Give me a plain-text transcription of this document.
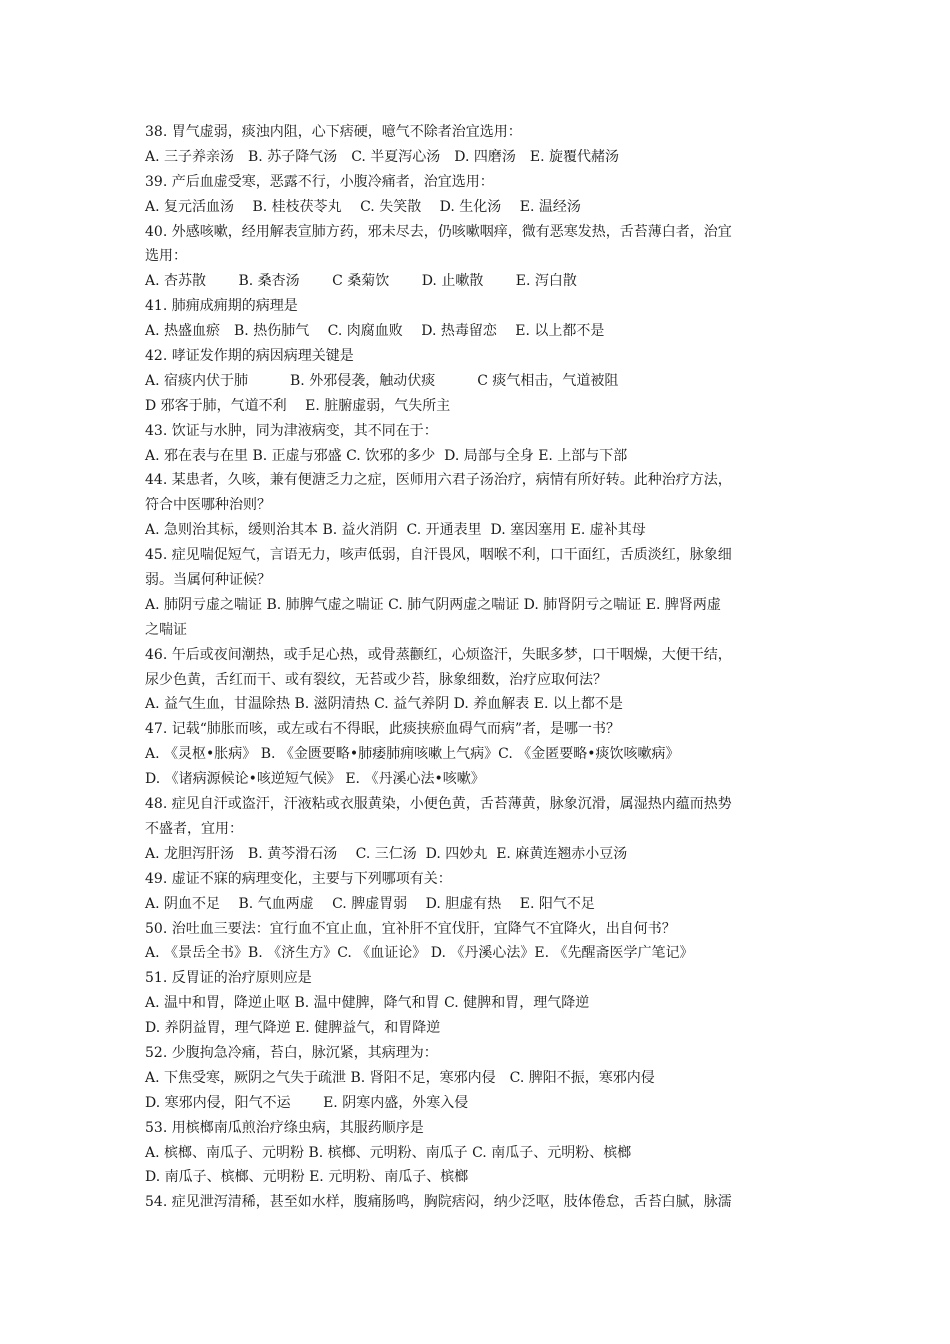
38. 胃气虚弱，痰浊内阻，心下痞硬，噫气不除者治宜选用：
A. 三子养亲汤　B. 苏子降气汤　C. 半夏泻心汤　D. 四磨汤　E. 旋覆代赭汤
39. 产后血虚受寒，恶露不行，小腹冷痛者，治宜选用：
A. 复元活血汤　 B. 桂枝茯苓丸　 C. 失笑散　 D. 生化汤　 E. 温经汤
40. 外感咳嗽，经用解表宣肺方药，邪未尽去，仍咳嗽咽痒，微有恶寒发热，舌苔薄白者，治宜
选用：
A. 杏苏散　　 B. 桑杏汤　　 C 桑菊饮　　 D. 止嗽散　　 E. 泻白散
41. 肺痈成痈期的病理是
A. 热盛血瘀　B. 热伤肺气　 C. 肉腐血败　 D. 热毒留恋　 E. 以上都不是
42. 哮证发作期的病因病理关键是
A. 宿痰内伏于肺　　　B. 外邪侵袭，触动伏痰　　　C 痰气相击，气道被阻
D 邪客于肺，气道不利　 E. 脏腑虚弱，气失所主
43. 饮证与水肿，同为津液病变，其不同在于：
A. 邪在表与在里 B. 正虚与邪盛 C. 饮邪的多少  D. 局部与全身 E. 上部与下部
44. 某患者，久咳，兼有便溏乏力之症，医师用六君子汤治疗，病情有所好转。此种治疗方法，
符合中医哪种治则？
A. 急则治其标，缓则治其本 B. 益火消阴  C. 开通表里  D. 塞因塞用 E. 虚补其母
45. 症见喘促短气，言语无力，咳声低弱，自汗畏风，咽喉不利，口干面红，舌质淡红，脉象细
弱。当属何种证候？
A. 肺阴亏虚之喘证 B. 肺脾气虚之喘证 C. 肺气阴两虚之喘证 D. 肺肾阴亏之喘证 E. 脾肾两虚
之喘证
46. 午后或夜间潮热，或手足心热，或骨蒸颧红，心烦盗汗，失眠多梦，口干咽燥，大便干结，
尿少色黄，舌红而干、或有裂纹，无苔或少苔，脉象细数，治疗应取何法？
A. 益气生血，甘温除热 B. 滋阴清热 C. 益气养阴 D. 养血解表 E. 以上都不是
47. 记载“肺胀而咳，或左或右不得眠，此痰挟瘀血碍气而病”者，是哪一书？
A. 《灵枢•胀病》 B. 《金匮要略•肺痿肺痈咳嗽上气病》C. 《金匿要略•痰饮咳嗽病》
D. 《诸病源候论•咳逆短气候》 E. 《丹溪心法•咳嗽》
48. 症见自汗或盗汗，汗液粘或衣服黄染，小便色黄，舌苔薄黄，脉象沉滑，属湿热内蕴而热势
不盛者，宜用：
A. 龙胆泻肝汤　B. 黄芩滑石汤　 C. 三仁汤  D. 四妙丸  E. 麻黄连翘赤小豆汤
49. 虚证不寐的病理变化，主要与下列哪项有关：
A. 阴血不足　 B. 气血两虚　 C. 脾虚胃弱　 D. 胆虚有热　 E. 阳气不足
50. 治吐血三要法：宜行血不宜止血，宜补肝不宜伐肝，宜降气不宜降火，出自何书？
A. 《景岳全书》B. 《济生方》C. 《血证论》 D. 《丹溪心法》E. 《先醒斋医学广笔记》
51. 反胃证的治疗原则应是
A. 温中和胃，降逆止呕 B. 温中健脾，降气和胃 C. 健脾和胃，理气降逆
D. 养阴益胃，理气降逆 E. 健脾益气，和胃降逆
52. 少腹拘急冷痛，苔白，脉沉紧，其病理为：
A. 下焦受寒，厥阴之气失于疏泄 B. 肾阳不足，寒邪内侵　C. 脾阳不振，寒邪内侵
D. 寒邪内侵，阳气不运　　 E. 阴寒内盛，外寒入侵
53. 用槟榔南瓜煎治疗绦虫病，其服药顺序是
A. 槟榔、南瓜子、元明粉 B. 槟榔、元明粉、南瓜子 C. 南瓜子、元明粉、槟榔
D. 南瓜子、槟榔、元明粉 E. 元明粉、南瓜子、槟榔
54. 症见泄泻清稀，甚至如水样，腹痛肠鸣，胸院痞闷，纳少泛呕，肢体倦怠，舌苔白腻，脉濡
